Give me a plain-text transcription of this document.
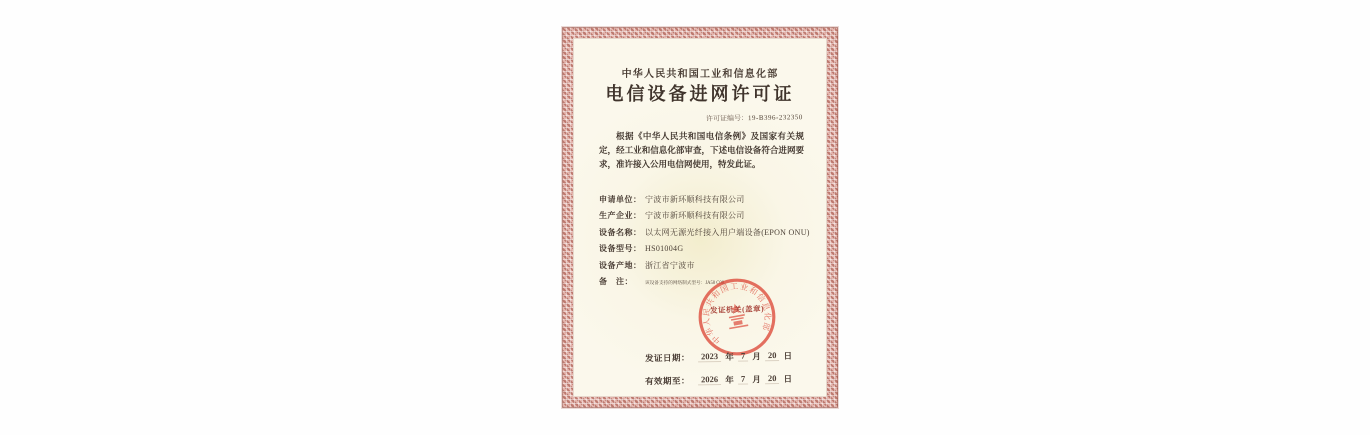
中华人民共和国工业和信息化部
电信设备进网许可证
许可证编号：19-B396-232350

根据《中华人民共和国电信条例》及国家有关规定，经工业和信息化部审查，下述电信设备符合进网要求，准许接入公用电信网使用，特发此证。

申请单位： 宁波市新环顺科技有限公司
生产企业： 宁波市新环顺科技有限公司
设备名称： 以太网无源光纤接入用户端设备(EPON ONU)
设备型号： HS01004G
设备产地： 浙江省宁波市
备　注： 该设备支持的网络制式型号：JA58 C08。
中华人民共和国工业和信息化部
发证机关(盖章)
发证日期： 2023 年 7 月 20 日
有效期至： 2026 年 7 月 20 日
